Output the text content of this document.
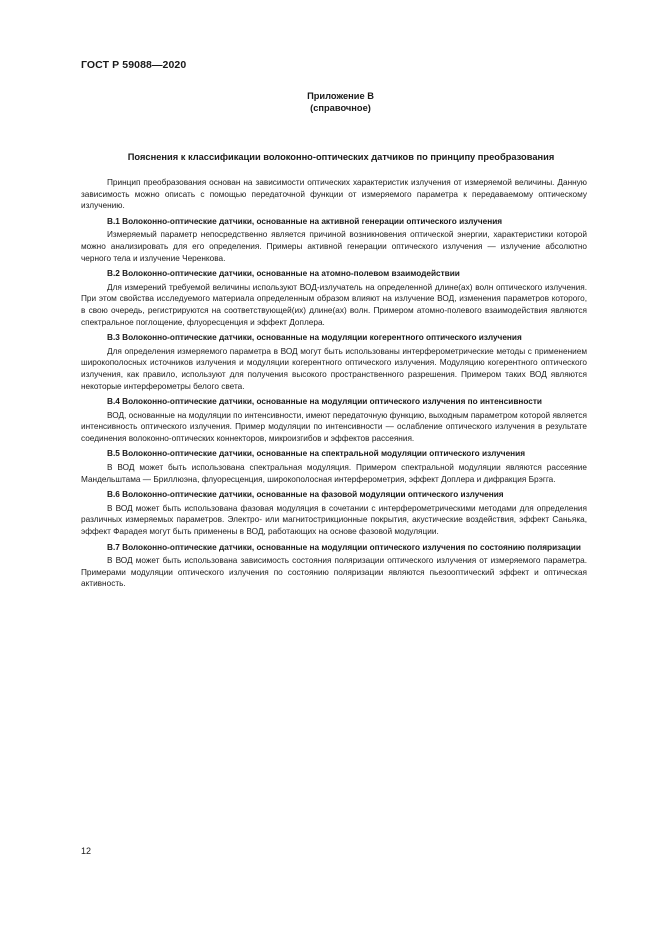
ГОСТ Р 59088—2020
Приложение В
(справочное)
Пояснения к классификации волоконно-оптических датчиков по принципу преобразования

Принцип преобразования основан на зависимости оптических характеристик излучения от измеряемой величины. Данную зависимость можно описать с помощью передаточной функции от измеряемого параметра к передаваемому оптическому излучению.

В.1 Волоконно-оптические датчики, основанные на активной генерации оптического излучения

Измеряемый параметр непосредственно является причиной возникновения оптической энергии, характеристики которой можно анализировать для его определения. Примеры активной генерации оптического излучения — излучение абсолютно черного тела и излучение Черенкова.

В.2 Волоконно-оптические датчики, основанные на атомно-полевом взаимодействии

Для измерений требуемой величины используют ВОД-излучатель на определенной длине(ах) волн оптического излучения. При этом свойства исследуемого материала определенным образом влияют на излучение ВОД, изменения параметров которого, в свою очередь, регистрируются на соответствующей(их) длине(ах) волн. Примером атомно-полевого взаимодействия являются спектральное поглощение, флуоресценция и эффект Доплера.

В.3 Волоконно-оптические датчики, основанные на модуляции когерентного оптического излучения

Для определения измеряемого параметра в ВОД могут быть использованы интерферометрические методы с применением широкополосных источников излучения и модуляции когерентного оптического излучения. Модуляцию когерентного оптического излучения, как правило, используют для получения высокого пространственного разрешения. Примером таких ВОД являются некоторые интерферометры белого света.

В.4 Волоконно-оптические датчики, основанные на модуляции оптического излучения по интенсивности

ВОД, основанные на модуляции по интенсивности, имеют передаточную функцию, выходным параметром которой является интенсивность оптического излучения. Пример модуляции по интенсивности — ослабление оптического излучения в результате соединения волоконно-оптических коннекторов, микроизгибов и эффектов рассеяния.

В.5 Волоконно-оптические датчики, основанные на спектральной модуляции оптического излучения

В ВОД может быть использована спектральная модуляция. Примером спектральной модуляции являются рассеяние Мандельштама — Бриллюэна, флуоресценция, широкополосная интерферометрия, эффект Доплера и дифракция Брэгга.

В.6 Волоконно-оптические датчики, основанные на фазовой модуляции оптического излучения

В ВОД может быть использована фазовая модуляция в сочетании с интерферометрическими методами для определения различных измеряемых параметров. Электро- или магнитострикционные покрытия, акустические воздействия, эффект Саньяка, эффект Фарадея могут быть применены в ВОД, работающих на основе фазовой модуляции.

В.7 Волоконно-оптические датчики, основанные на модуляции оптического излучения по состоянию поляризации

В ВОД может быть использована зависимость состояния поляризации оптического излучения от измеряемого параметра. Примерами модуляции оптического излучения по состоянию поляризации являются пьезооптический эффект и оптическая активность.

12
